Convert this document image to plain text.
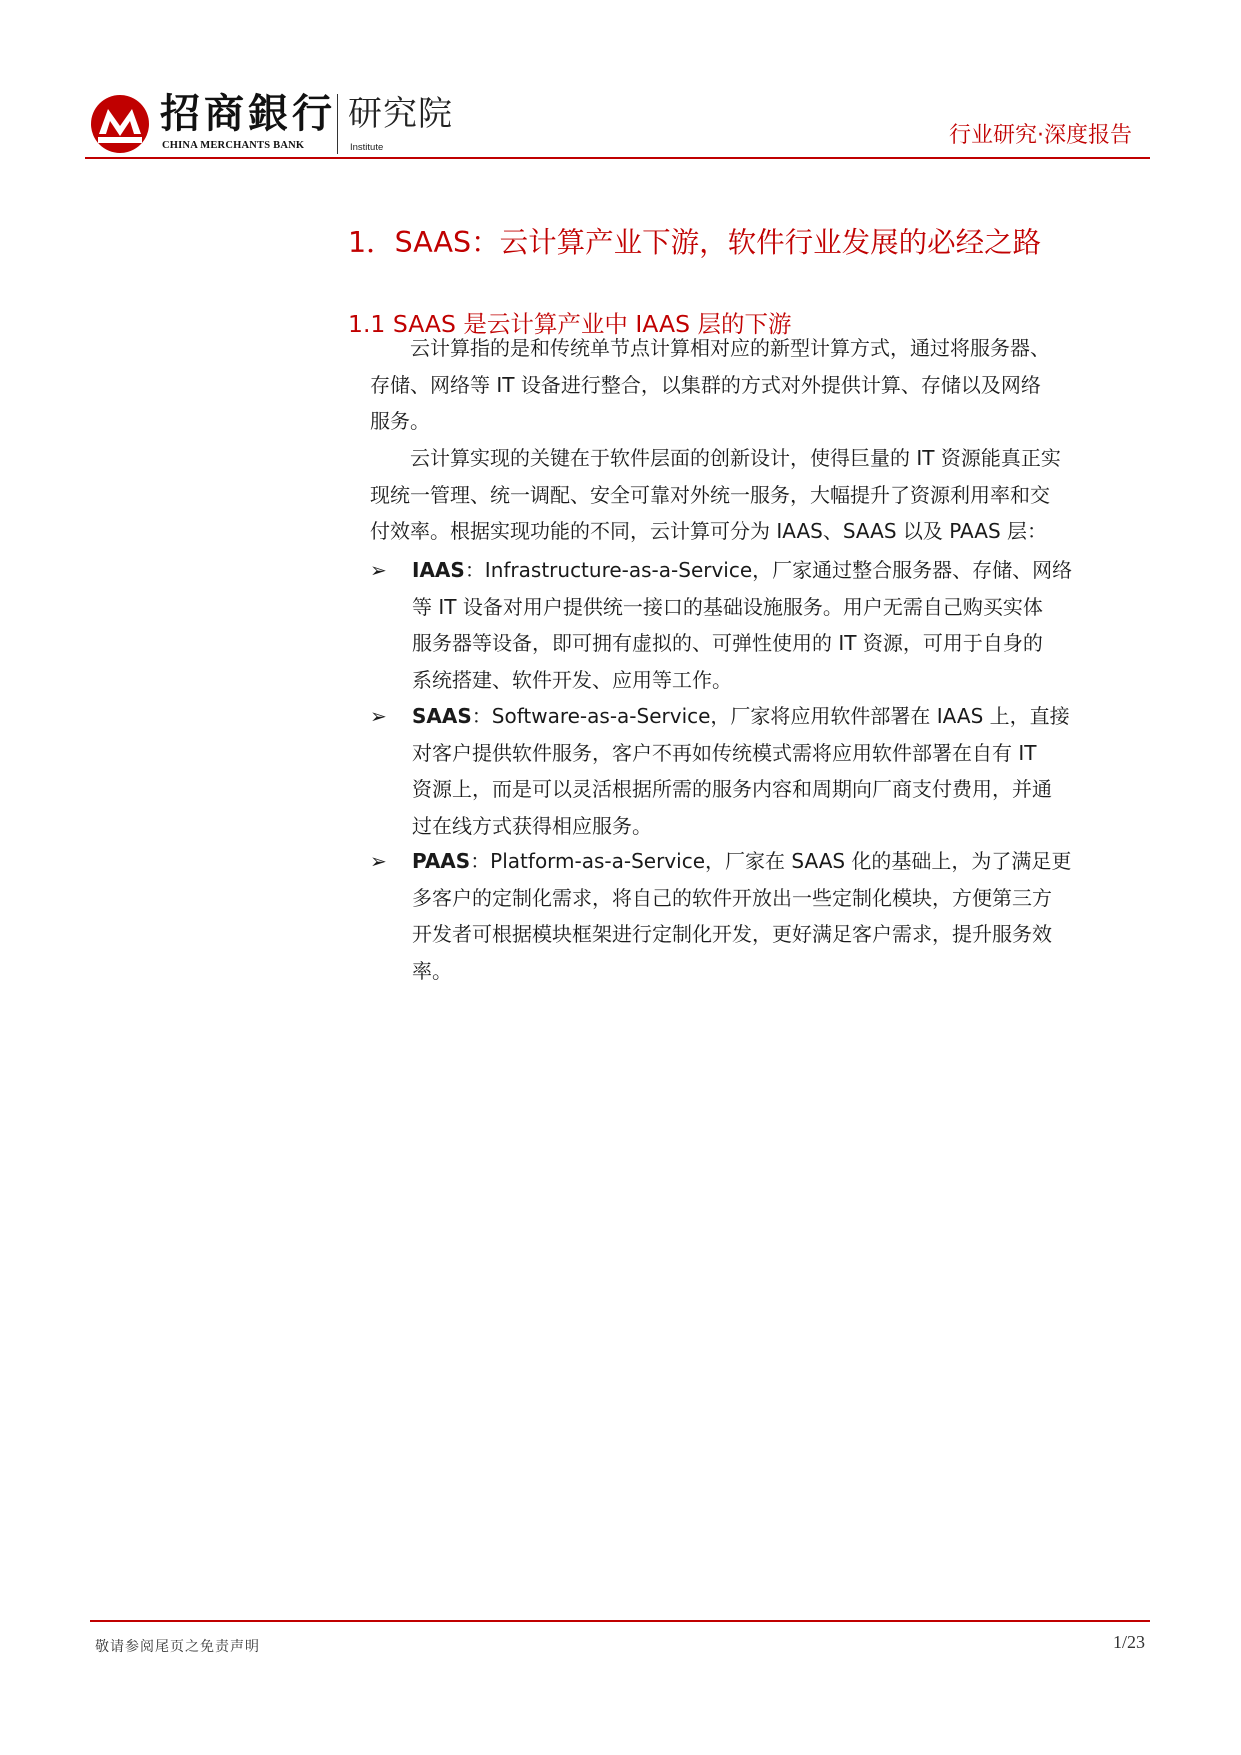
招商銀行
CHINA MERCHANTS BANK
研究院
Institute	行业研究·深度报告
1．SAAS：云计算产业下游，软件行业发展的必经之路
1.1 SAAS 是云计算产业中 IAAS 层的下游

云计算指的是和传统单节点计算相对应的新型计算方式，通过将服务器、
存储、网络等 IT 设备进行整合，以集群的方式对外提供计算、存储以及网络
服务。

云计算实现的关键在于软件层面的创新设计，使得巨量的 IT 资源能真正实
现统一管理、统一调配、安全可靠对外统一服务，大幅提升了资源利用率和交
付效率。根据实现功能的不同，云计算可分为 IAAS、SAAS 以及 PAAS 层：

➢ IAAS：Infrastructure-as-a-Service，厂家通过整合服务器、存储、网络
等 IT 设备对用户提供统一接口的基础设施服务。用户无需自己购买实体
服务器等设备，即可拥有虚拟的、可弹性使用的 IT 资源，可用于自身的
系统搭建、软件开发、应用等工作。
➢ SAAS：Software-as-a-Service，厂家将应用软件部署在 IAAS 上，直接
对客户提供软件服务，客户不再如传统模式需将应用软件部署在自有 IT
资源上，而是可以灵活根据所需的服务内容和周期向厂商支付费用，并通
过在线方式获得相应服务。
➢ PAAS：Platform-as-a-Service，厂家在 SAAS 化的基础上，为了满足更
多客户的定制化需求，将自己的软件开放出一些定制化模块，方便第三方
开发者可根据模块框架进行定制化开发，更好满足客户需求，提升服务效
率。
敬请参阅尾页之免责声明	1/23
